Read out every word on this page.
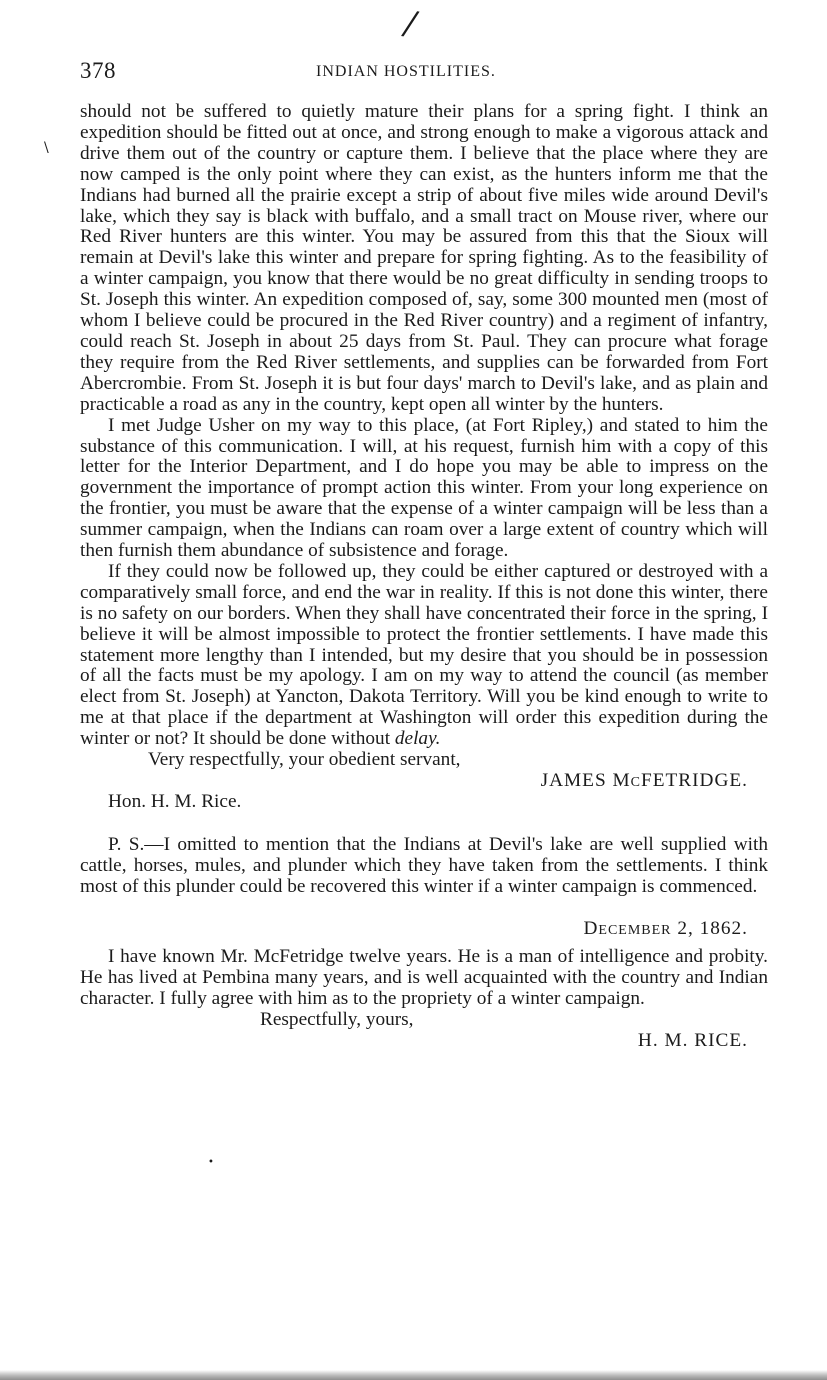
/
\
•
378	INDIAN HOSTILITIES.

should not be suffered to quietly mature their plans for a spring fight. I think an expedition should be fitted out at once, and strong enough to make a vigorous attack and drive them out of the country or capture them. I believe that the place where they are now camped is the only point where they can exist, as the hunters inform me that the Indians had burned all the prairie except a strip of about five miles wide around Devil's lake, which they say is black with buffalo, and a small tract on Mouse river, where our Red River hunters are this winter. You may be assured from this that the Sioux will remain at Devil's lake this winter and prepare for spring fighting. As to the feasibility of a winter campaign, you know that there would be no great difficulty in sending troops to St. Joseph this winter. An expedition composed of, say, some 300 mounted men (most of whom I believe could be procured in the Red River country) and a regiment of infantry, could reach St. Joseph in about 25 days from St. Paul. They can procure what forage they require from the Red River settlements, and supplies can be forwarded from Fort Abercrombie. From St. Joseph it is but four days' march to Devil's lake, and as plain and practicable a road as any in the country, kept open all winter by the hunters.

I met Judge Usher on my way to this place, (at Fort Ripley,) and stated to him the substance of this communication. I will, at his request, furnish him with a copy of this letter for the Interior Department, and I do hope you may be able to impress on the government the importance of prompt action this winter. From your long experience on the frontier, you must be aware that the expense of a winter campaign will be less than a summer campaign, when the Indians can roam over a large extent of country which will then furnish them abundance of subsistence and forage.

If they could now be followed up, they could be either captured or destroyed with a comparatively small force, and end the war in reality. If this is not done this winter, there is no safety on our borders. When they shall have concentrated their force in the spring, I believe it will be almost impossible to protect the frontier settlements. I have made this statement more lengthy than I intended, but my desire that you should be in possession of all the facts must be my apology. I am on my way to attend the council (as member elect from St. Joseph) at Yancton, Dakota Territory. Will you be kind enough to write to me at that place if the department at Washington will order this expedition during the winter or not? It should be done without delay.

Very respectfully, your obedient servant,

JAMES McFETRIDGE.

Hon. H. M. Rice.

P. S.—I omitted to mention that the Indians at Devil's lake are well supplied with cattle, horses, mules, and plunder which they have taken from the settlements. I think most of this plunder could be recovered this winter if a winter campaign is commenced.

December 2, 1862.

I have known Mr. McFetridge twelve years. He is a man of intelligence and probity. He has lived at Pembina many years, and is well acquainted with the country and Indian character. I fully agree with him as to the propriety of a winter campaign.

Respectfully, yours,

H. M. RICE.
